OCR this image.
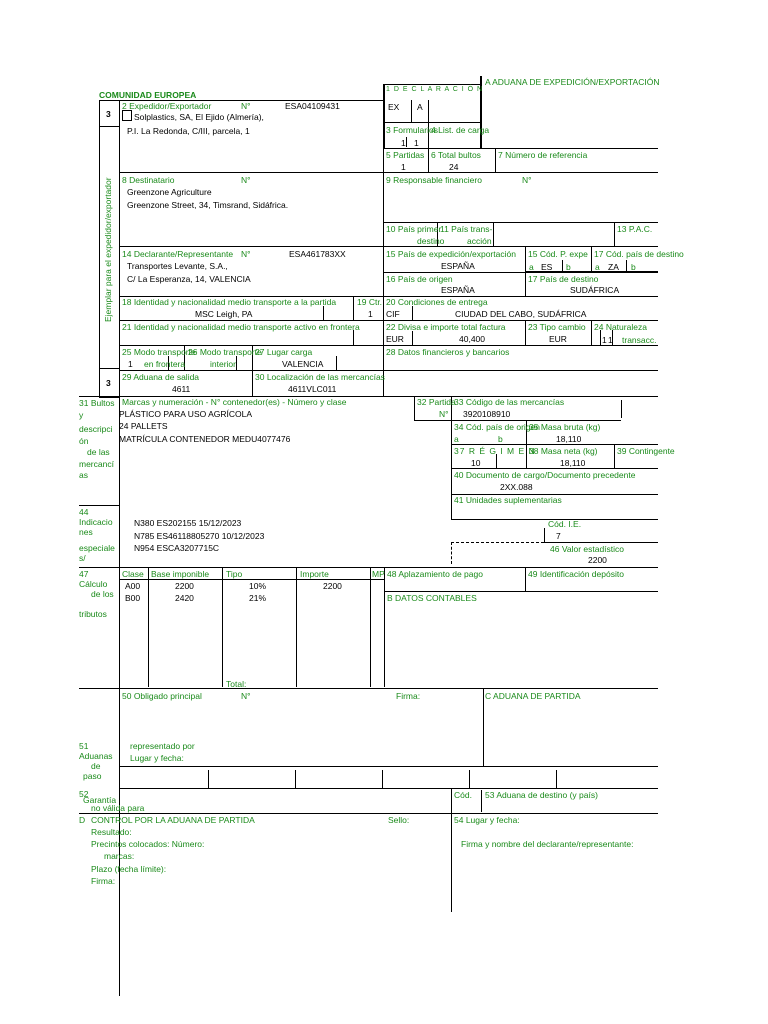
COMUNIDAD EUROPEA
A ADUANA DE EXPEDICIÓN/EXPORTACIÓN
1 D E C L A R A C I Ó N
EX A
3
Ejemplar para el expedidor/exportador
2 Expedidor/Exportador	N°	ESA04109431
Solplastics, SA, El Ejido (Almería),
P.I. La Redonda, C/III, parcela, 1	3 Formularios
4 List. de carga
1 1
5 Partidas
1
6 Total bultos
24
7 Número de referencia
8 Destinatario	N°
Greenzone Agriculture
Greenzone Street, 34, Timsrand, Sidáfrica.
9 Responsable financiero	N°
10 País primer
destino
11 País trans-
acción
13 P.A.C.
14 Declarante/Representante N°	ESA461783XX
Transportes Levante, S.A.,
C/ La Esperanza, 14, VALENCIA
15 País de expedición/exportación
ESPAÑA
15 Cód. P. expe
a ES b
17 Cód. país de destino
a ZA b
16 País de origen
ESPAÑA
17 País de destino
SUDÁFRICA
18 Identidad y nacionalidad medio transporte a la partida
MSC Leigh, PA
19 Ctr.
1
20 Condiciones de entrega
CIF	CIUDAD DEL CABO, SUDÁFRICA
21 Identidad y nacionalidad medio transporte activo en frontera	22 Divisa e importe total factura
EUR	40,400
23 Tipo cambio
EUR
24 Naturaleza
1 1 transacc.
25 Modo transporte
1 en frontera
26 Modo transporte
interior
27 Lugar carga
VALENCIA
28 Datos financieros y bancarios
3
29 Aduana de salida
4611
30 Localización de las mercancías
4611VLC011
31 Bultos
y
descripci
ón
de las
mercancí
as
Marcas y numeración - N° contenedor(es) - Número y clase
PLÁSTICO PARA USO AGRÍCOLA
24 PALLETS
MATRÍCULA CONTENEDOR MEDU4077476
32 Partida
N°
33 Código de las mercancías
3920108910
34 Cód. país de origen
a	b
35 Masa bruta (kg)
18,110
37 R É G I M E N
10
38 Masa neta (kg)
18,110
39 Contingente
40 Documento de cargo/Documento precedente
2XX.088
41 Unidades suplementarias
44
Indicacio
nes
especiale
s/
N380 ES202155 15/12/2023
N785 ES46118805270 10/12/2023
N954 ESCA3207715C
Cód. I.E.
7
46 Valor estadístico
2200
47
Cálculo
de los
tributos
Clase Base imponible Tipo	Importe	MP
A00	2200	10%	2200
B00	2420	21%
Total:
48 Aplazamiento de pago	49 Identificación depósito
B DATOS CONTABLES
50 Obligado principal	N°	Firma:	C ADUANA DE PARTIDA
representado por
Lugar y fecha:
51
Aduanas
de
paso
52
Garantía
no válida para
Cód. 53 Aduana de destino (y país)
D CONTROL POR LA ADUANA DE PARTIDA	Sello:
Resultado:
Precintos colocados: Número:
marcas:
Plazo (fecha límite):
Firma:
54 Lugar y fecha:
Firma y nombre del declarante/representante:
